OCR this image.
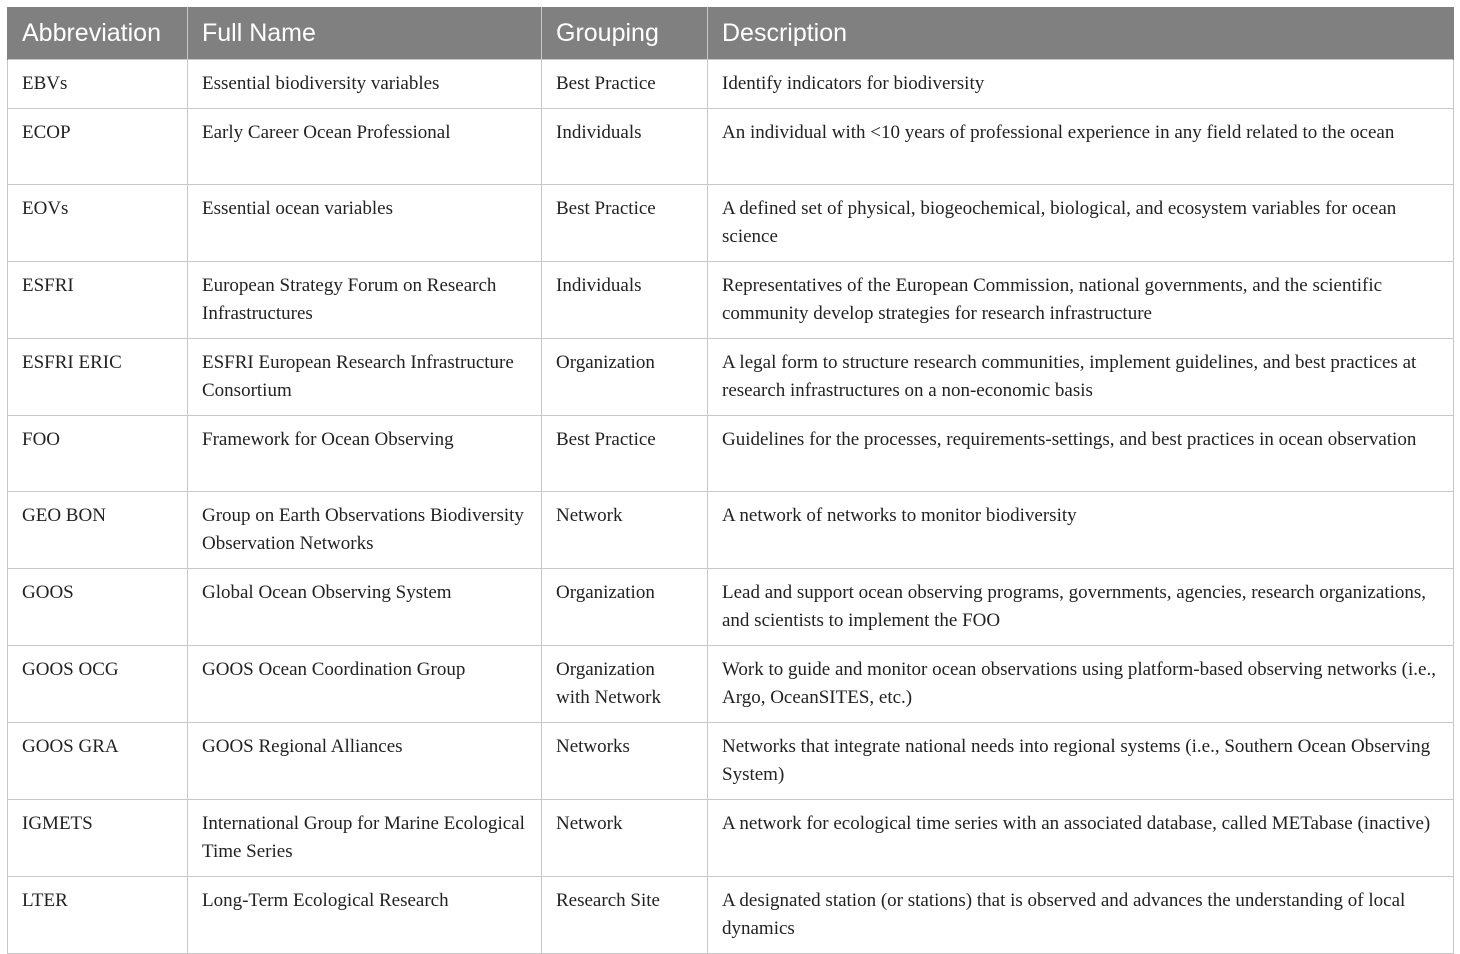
Abbreviation	Full Name	Grouping	Description
EBVs	Essential biodiversity variables	Best Practice	Identify indicators for biodiversity
ECOP	Early Career Ocean Professional	Individuals	An individual with <10 years of professional experience in any field related to the ocean
EOVs	Essential ocean variables	Best Practice	A defined set of physical, biogeochemical, biological, and ecosystem variables for ocean science
ESFRI	European Strategy Forum on Research Infrastructures	Individuals	Representatives of the European Commission, national governments, and the scientific community develop strategies for research infrastructure
ESFRI ERIC	ESFRI European Research Infrastructure Consortium	Organization	A legal form to structure research communities, implement guidelines, and best practices at research infrastructures on a non-economic basis
FOO	Framework for Ocean Observing	Best Practice	Guidelines for the processes, requirements-settings, and best practices in ocean observation
GEO BON	Group on Earth Observations Biodiversity Observation Networks	Network	A network of networks to monitor biodiversity
GOOS	Global Ocean Observing System	Organization	Lead and support ocean observing programs, governments, agencies, research organizations, and scientists to implement the FOO
GOOS OCG	GOOS Ocean Coordination Group	Organization with Network	Work to guide and monitor ocean observations using platform-based observing networks (i.e., Argo, OceanSITES, etc.)
GOOS GRA	GOOS Regional Alliances	Networks	Networks that integrate national needs into regional systems (i.e., Southern Ocean Observing System)
IGMETS	International Group for Marine Ecological Time Series	Network	A network for ecological time series with an associated database, called METabase (inactive)
LTER	Long-Term Ecological Research	Research Site	A designated station (or stations) that is observed and advances the understanding of local dynamics
